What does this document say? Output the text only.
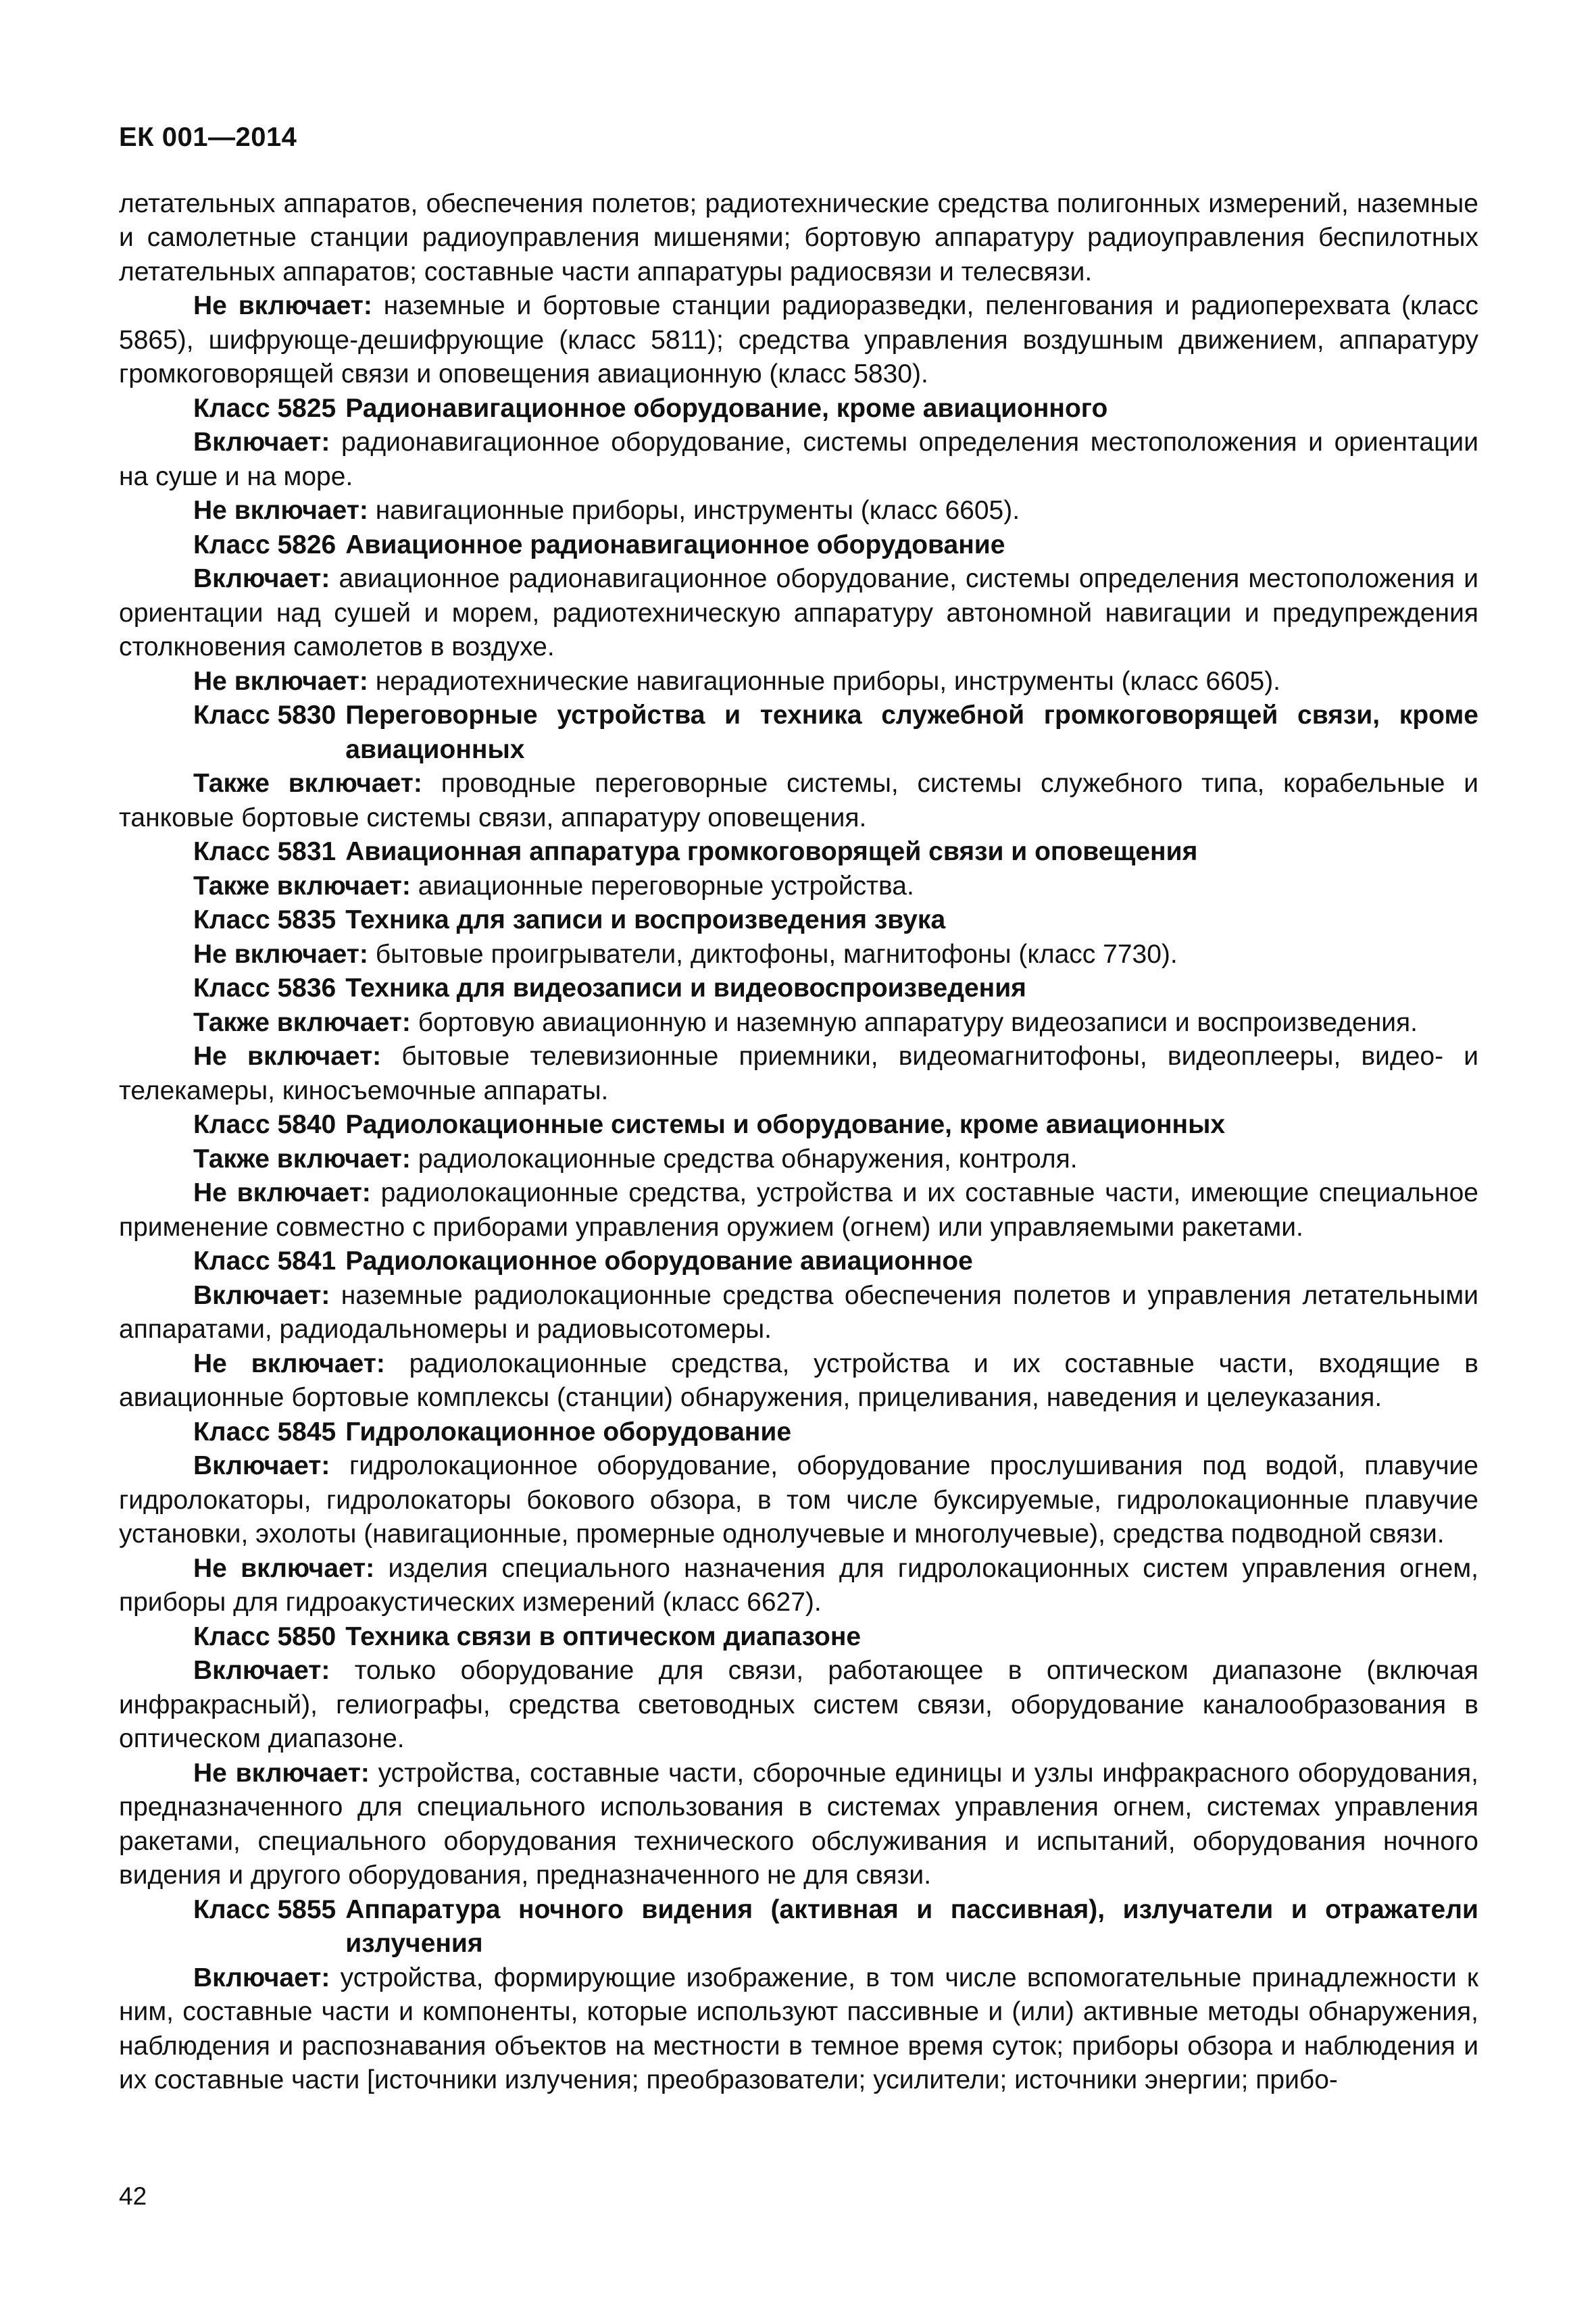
ЕК 001—2014

летательных аппаратов, обеспечения полетов; радиотехнические средства полигонных измерений, наземные и самолетные станции радиоуправления мишенями; бортовую аппаратуру радиоуправления беспилотных летательных аппаратов; составные части аппаратуры радиосвязи и телесвязи.

Не включает: наземные и бортовые станции радиоразведки, пеленгования и радиоперехвата (класс 5865), шифрующе-дешифрующие (класс 5811); средства управления воздушным движением, аппаратуру громкоговорящей связи и оповещения авиационную (класс 5830).

Класс 5825 Радионавигационное оборудование, кроме авиационного

Включает: радионавигационное оборудование, системы определения местоположения и ориентации на суше и на море.

Не включает: навигационные приборы, инструменты (класс 6605).

Класс 5826 Авиационное радионавигационное оборудование

Включает: авиационное радионавигационное оборудование, системы определения местоположения и ориентации над сушей и морем, радиотехническую аппаратуру автономной навигации и предупреждения столкновения самолетов в воздухе.

Не включает: нерадиотехнические навигационные приборы, инструменты (класс 6605).

Класс 5830 Переговорные устройства и техника служебной громкоговорящей связи, кроме авиационных

Также включает: проводные переговорные системы, системы служебного типа, корабельные и танковые бортовые системы связи, аппаратуру оповещения.

Класс 5831 Авиационная аппаратура громкоговорящей связи и оповещения

Также включает: авиационные переговорные устройства.

Класс 5835 Техника для записи и воспроизведения звука

Не включает: бытовые проигрыватели, диктофоны, магнитофоны (класс 7730).

Класс 5836 Техника для видеозаписи и видеовоспроизведения

Также включает: бортовую авиационную и наземную аппаратуру видеозаписи и воспроизведения.

Не включает: бытовые телевизионные приемники, видеомагнитофоны, видеоплееры, видео- и телекамеры, киносъемочные аппараты.

Класс 5840 Радиолокационные системы и оборудование, кроме авиационных

Также включает: радиолокационные средства обнаружения, контроля.

Не включает: радиолокационные средства, устройства и их составные части, имеющие специальное применение совместно с приборами управления оружием (огнем) или управляемыми ракетами.

Класс 5841 Радиолокационное оборудование авиационное

Включает: наземные радиолокационные средства обеспечения полетов и управления летательными аппаратами, радиодальномеры и радиовысотомеры.

Не включает: радиолокационные средства, устройства и их составные части, входящие в авиационные бортовые комплексы (станции) обнаружения, прицеливания, наведения и целеуказания.

Класс 5845 Гидролокационное оборудование

Включает: гидролокационное оборудование, оборудование прослушивания под водой, плавучие гидролокаторы, гидролокаторы бокового обзора, в том числе буксируемые, гидролокационные плавучие установки, эхолоты (навигационные, промерные однолучевые и многолучевые), средства подводной связи.

Не включает: изделия специального назначения для гидролокационных систем управления огнем, приборы для гидроакустических измерений (класс 6627).

Класс 5850 Техника связи в оптическом диапазоне

Включает: только оборудование для связи, работающее в оптическом диапазоне (включая инфракрасный), гелиографы, средства световодных систем связи, оборудование каналообразования в оптическом диапазоне.

Не включает: устройства, составные части, сборочные единицы и узлы инфракрасного оборудования, предназначенного для специального использования в системах управления огнем, системах управления ракетами, специального оборудования технического обслуживания и испытаний, оборудования ночного видения и другого оборудования, предназначенного не для связи.

Класс 5855 Аппаратура ночного видения (активная и пассивная), излучатели и отражатели излучения

Включает: устройства, формирующие изображение, в том числе вспомогательные принадлежности к ним, составные части и компоненты, которые используют пассивные и (или) активные методы обнаружения, наблюдения и распознавания объектов на местности в темное время суток; приборы обзора и наблюдения и их составные части [источники излучения; преобразователи; усилители; источники энергии; прибо-

42
